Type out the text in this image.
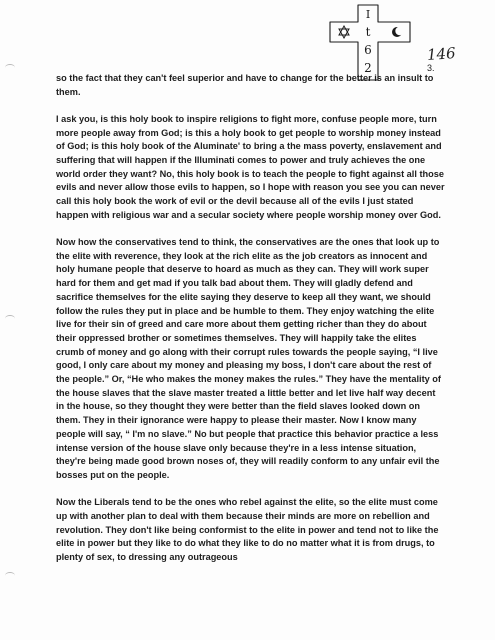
I
t
6
2
146
3.

so the fact that they can't feel superior and have to change for the better is an insult to them.

I ask you, is this holy book to inspire religions to fight more, confuse people more, turn more people away from God; is this a holy book to get people to worship money instead of God; is this holy book of the Aluminate' to bring a the mass poverty, enslavement and suffering that will happen if the Illuminati comes to power and truly achieves the one world order they want? No, this holy book is to teach the people to fight against all those evils and never allow those evils to happen, so I hope with reason you see you can never call this holy book the work of evil or the devil because all of the evils I just stated happen with religious war and a secular society where people worship money over God.

Now how the conservatives tend to think, the conservatives are the ones that look up to the elite with reverence, they look at the rich elite as the job creators as innocent and holy humane people that deserve to hoard as much as they can. They will work super hard for them and get mad if you talk bad about them. They will gladly defend and sacrifice themselves for the elite saying they deserve to keep all they want, we should follow the rules they put in place and be humble to them. They enjoy watching the elite live for their sin of greed and care more about them getting richer than they do about their oppressed brother or sometimes themselves. They will happily take the elites crumb of money and go along with their corrupt rules towards the people saying, “I live good, I only care about my money and pleasing my boss, I don't care about the rest of the people.” Or, “He who makes the money makes the rules.” They have the mentality of the house slaves that the slave master treated a little better and let live half way decent in the house, so they thought they were better than the field slaves looked down on them. They in their ignorance were happy to please their master. Now I know many people will say, “ I'm no slave.” No but people that practice this behavior practice a less intense version of the house slave only because they're in a less intense situation, they're being made good brown noses of, they will readily conform to any unfair evil the bosses put on the people.

Now the Liberals tend to be the ones who rebel against the elite, so the elite must come up with another plan to deal with them because their minds are more on rebellion and revolution. They don't like being conformist to the elite in power and tend not to like the elite in power but they like to do what they like to do no matter what it is from drugs, to plenty of sex, to dressing any outrageous
